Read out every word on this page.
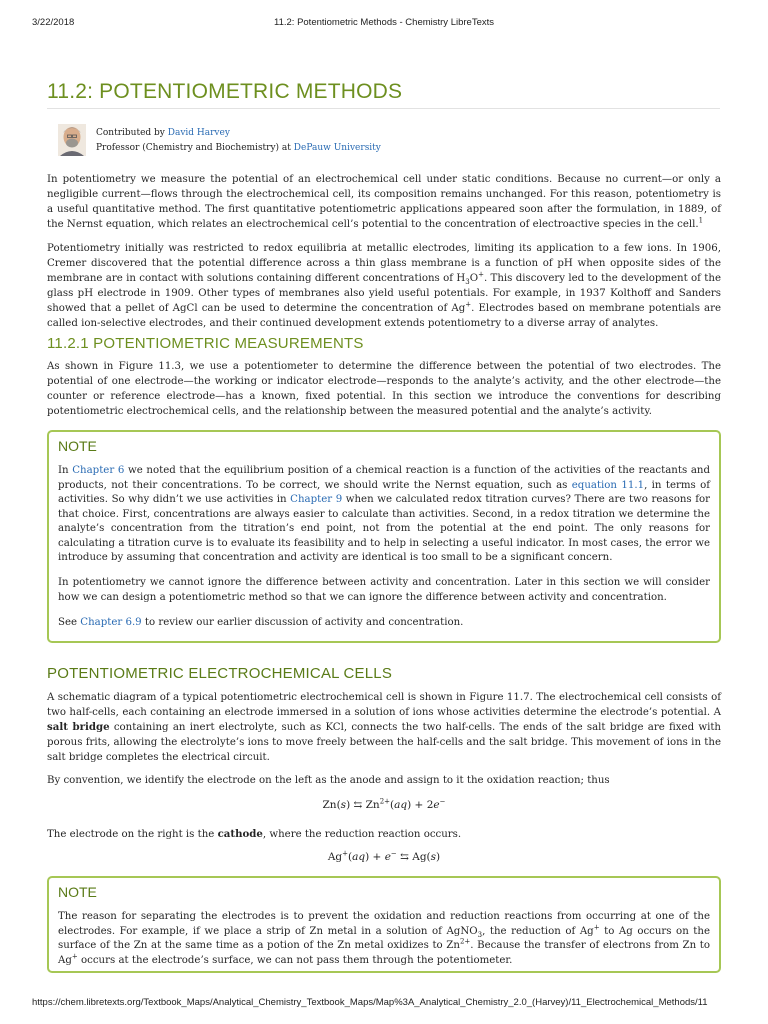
3/22/2018	11.2: Potentiometric Methods - Chemistry LibreTexts
11.2: POTENTIOMETRIC METHODS
Contributed by David Harvey
Professor (Chemistry and Biochemistry) at DePauw University

In potentiometry we measure the potential of an electrochemical cell under static conditions. Because no current—or only a negligible current—flows through the electrochemical cell, its composition remains unchanged. For this reason, potentiometry is a useful quantitative method. The first quantitative potentiometric applications appeared soon after the formulation, in 1889, of the Nernst equation, which relates an electrochemical cell’s potential to the concentration of electroactive species in the cell.$^1$

Potentiometry initially was restricted to redox equilibria at metallic electrodes, limiting its application to a few ions. In 1906, Cremer discovered that the potential difference across a thin glass membrane is a function of pH when opposite sides of the membrane are in contact with solutions containing different concentrations of $H_3O^+$. This discovery led to the development of the glass pH electrode in 1909. Other types of membranes also yield useful potentials. For example, in 1937 Kolthoff and Sanders showed that a pellet of AgCl can be used to determine the concentration of Ag+. Electrodes based on membrane potentials are called ion-selective electrodes, and their continued development extends potentiometry to a diverse array of analytes.

11.2.1 POTENTIOMETRIC MEASUREMENTS

As shown in Figure 11.3, we use a potentiometer to determine the difference between the potential of two electrodes. The potential of one electrode—the working or indicator electrode—responds to the analyte’s activity, and the other electrode—the counter or reference electrode—has a known, fixed potential. In this section we introduce the conventions for describing potentiometric electrochemical cells, and the relationship between the measured potential and the analyte’s activity.

NOTE

In Chapter 6 we noted that the equilibrium position of a chemical reaction is a function of the activities of the reactants and products, not their concentrations. To be correct, we should write the Nernst equation, such as equation 11.1, in terms of activities. So why didn’t we use activities in Chapter 9 when we calculated redox titration curves? There are two reasons for that choice. First, concentrations are always easier to calculate than activities. Second, in a redox titration we determine the analyte’s concentration from the titration’s end point, not from the potential at the end point. The only reasons for calculating a titration curve is to evaluate its feasibility and to help in selecting a useful indicator. In most cases, the error we introduce by assuming that concentration and activity are identical is too small to be a significant concern.

In potentiometry we cannot ignore the difference between activity and concentration. Later in this section we will consider how we can design a potentiometric method so that we can ignore the difference between activity and concentration.

See Chapter 6.9 to review our earlier discussion of activity and concentration.

POTENTIOMETRIC ELECTROCHEMICAL CELLS

A schematic diagram of a typical potentiometric electrochemical cell is shown in Figure 11.7. The electrochemical cell consists of two half-cells, each containing an electrode immersed in a solution of ions whose activities determine the electrode’s potential. A salt bridge containing an inert electrolyte, such as KCl, connects the two half-cells. The ends of the salt bridge are fixed with porous frits, allowing the electrolyte’s ions to move freely between the half-cells and the salt bridge. This movement of ions in the salt bridge completes the electrical circuit.

By convention, we identify the electrode on the left as the anode and assign to it the oxidation reaction; thus

Zn(s) ⇆ $Zn^{2+}(aq) + 2e^-$

The electrode on the right is the cathode, where the reduction reaction occurs.

Ag+(aq) + e− ⇆ Ag(s)
NOTE

The reason for separating the electrodes is to prevent the oxidation and reduction reactions from occurring at one of the electrodes. For example, if we place a strip of Zn metal in a solution of AgNO$_3$, the reduction of Ag+ to Ag occurs on the surface of the Zn at the same time as a potion of the Zn metal oxidizes to $Zn^{2+}$. Because the transfer of electrons from Zn to Ag+ occurs at the electrode’s surface, we can not pass them through the potentiometer.

https://chem.libretexts.org/Textbook_Maps/Analytical_Chemistry_Textbook_Maps/Map%3A_Analytical_Chemistry_2.0_(Harvey)/11_Electrochemical_Methods/11
